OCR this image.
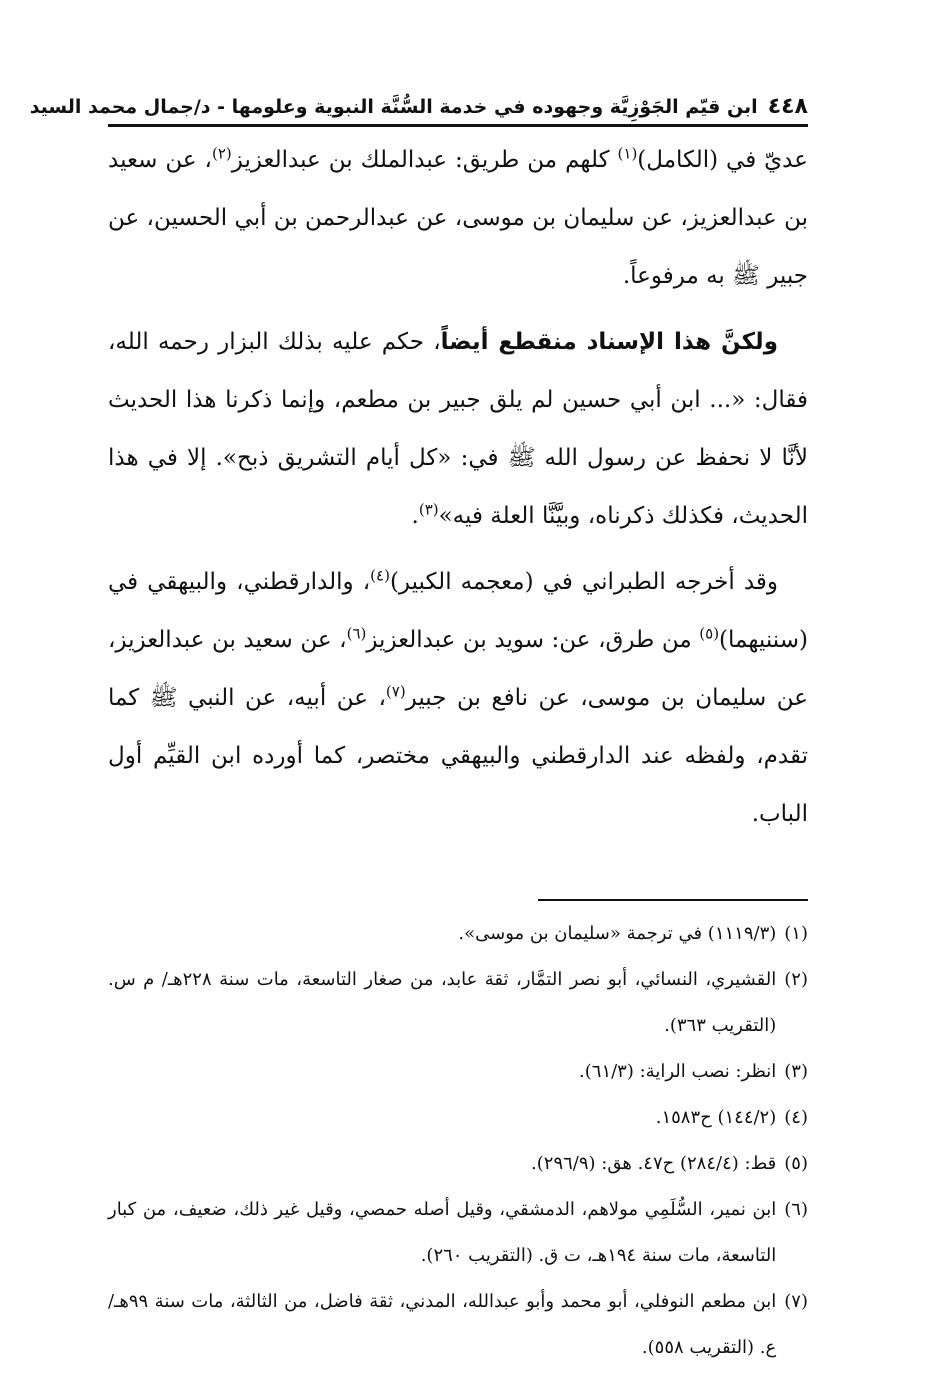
٤٤٨
ابن قيّم الجَوْزِيَّة وجهوده في خدمة السُّنَّة النبوية وعلومها - د/جمال محمد السيد

عديّ في (الكامل)$^{(١)}$ كلهم من طريق: عبدالملك بن عبدالعزيز$^{(٢)}$، عن سعيد بن عبدالعزيز، عن سليمان بن موسى، عن عبدالرحمن بن أبي الحسين، عن جبير ﷺ به مرفوعاً.

ولكنَّ هذا الإسناد منقطع أيضاً، حكم عليه بذلك البزار رحمه الله، فقال: «... ابن أبي حسين لم يلق جبير بن مطعم، وإنما ذكرنا هذا الحديث لأنَّا لا نحفظ عن رسول الله ﷺ في: «كل أيام التشريق ذبح». إلا في هذا الحديث، فكذلك ذكرناه، وبيَّنَّا العلة فيه»$^{(٣)}$.

وقد أخرجه الطبراني في (معجمه الكبير)$^{(٤)}$، والدارقطني، والبيهقي في (سننيهما)$^{(٥)}$ من طرق، عن: سويد بن عبدالعزيز$^{(٦)}$، عن سعيد بن عبدالعزيز، عن سليمان بن موسى، عن نافع بن جبير$^{(٧)}$، عن أبيه، عن النبي ﷺ كما تقدم، ولفظه عند الدارقطني والبيهقي مختصر، كما أورده ابن القيِّم أول الباب.

(١)
(١١١٩/٣) في ترجمة «سليمان بن موسى».
(٢)
القشيري، النسائي، أبو نصر التمَّار، ثقة عابد، من صغار التاسعة، مات سنة ٢٢٨هـ/ م س. (التقريب ٣٦٣).
(٣)
انظر: نصب الراية: (٦١/٣).
(٤)
(١٤٤/٢) ح١٥٨٣.
(٥)
قط: (٢٨٤/٤) ح٤٧. هق: (٢٩٦/٩).
(٦)
ابن نمير، السُّلَمِي مولاهم، الدمشقي، وقيل أصله حمصي، وقيل غير ذلك، ضعيف، من كبار التاسعة، مات سنة ١٩٤هـ، ت ق. (التقريب ٢٦٠).
(٧)
ابن مطعم النوفلي، أبو محمد وأبو عبدالله، المدني، ثقة فاضل، من الثالثة، مات سنة ٩٩هـ/ ع. (التقريب ٥٥٨).
